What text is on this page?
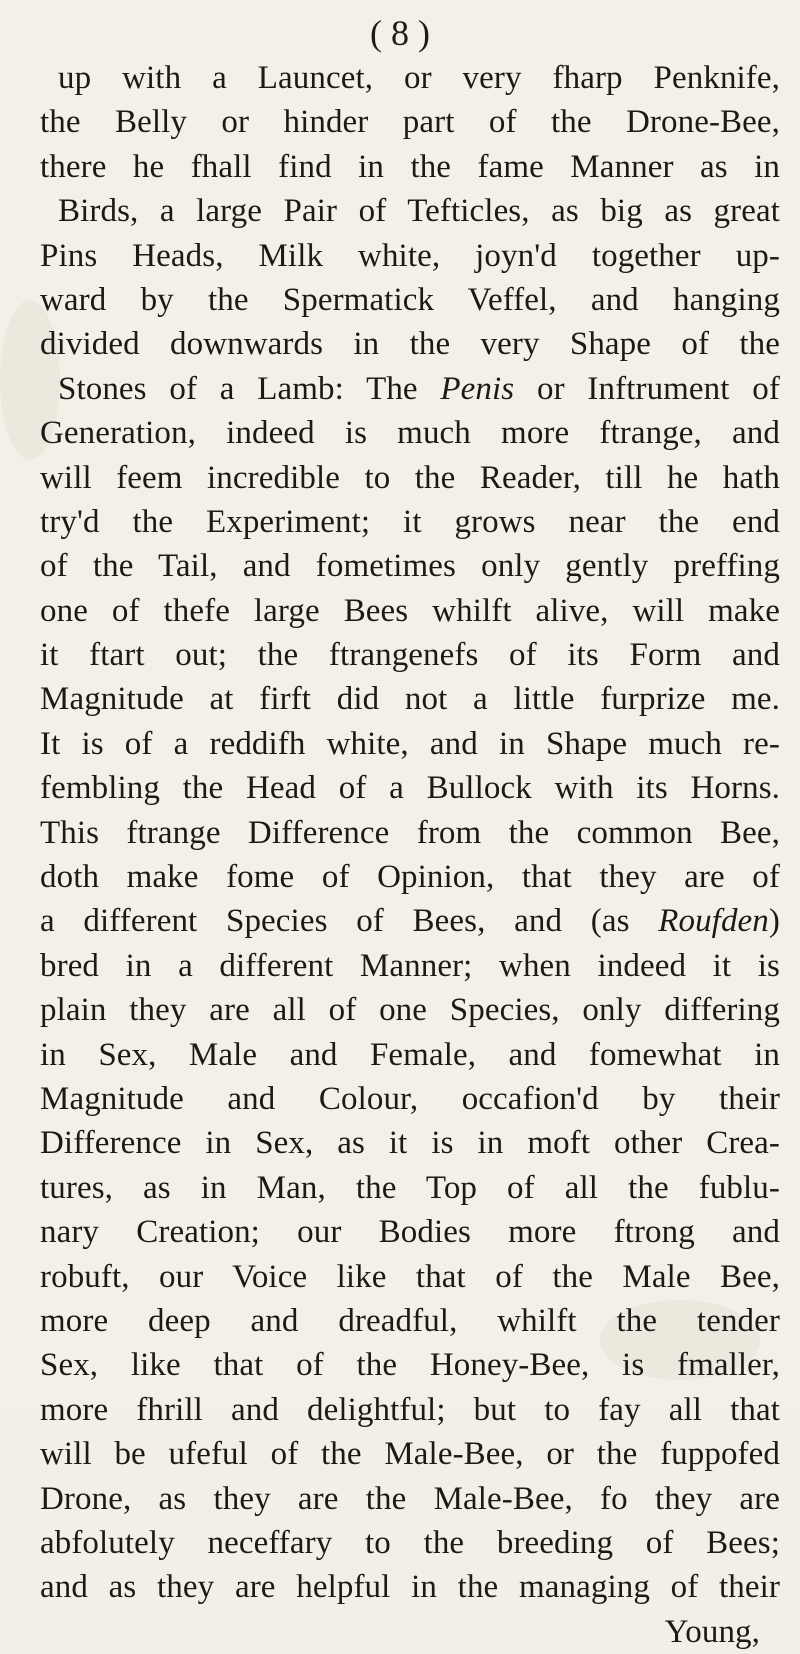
( 8 )

up with a Launcet, or very fharp Penknife,
the Belly or hinder part of the Drone-Bee,
there he fhall find in the fame Manner as in
Birds, a large Pair of Tefticles, as big as great
Pins Heads, Milk white, joyn'd together up-
ward by the Spermatick Veffel, and hanging
divided downwards in the very Shape of the
Stones of a Lamb: The Penis or Inftrument of
Generation, indeed is much more ftrange, and
will feem incredible to the Reader, till he hath
try'd the Experiment; it grows near the end
of the Tail, and fometimes only gently preffing
one of thefe large Bees whilft alive, will make
it ftart out; the ftrangenefs of its Form and
Magnitude at firft did not a little furprize me.
It is of a reddifh white, and in Shape much re-
fembling the Head of a Bullock with its Horns.
This ftrange Difference from the common Bee,
doth make fome of Opinion, that they are of
a different Species of Bees, and (as Roufden)
bred in a different Manner; when indeed it is
plain they are all of one Species, only differing
in Sex, Male and Female, and fomewhat in
Magnitude and Colour, occafion'd by their
Difference in Sex, as it is in moft other Crea-
tures, as in Man, the Top of all the fublu-
nary Creation; our Bodies more ftrong and
robuft, our Voice like that of the Male Bee,
more deep and dreadful, whilft the tender
Sex, like that of the Honey-Bee, is fmaller,
more fhrill and delightful; but to fay all that
will be ufeful of the Male-Bee, or the fuppofed
Drone, as they are the Male-Bee, fo they are
abfolutely neceffary to the breeding of Bees;
and as they are helpful in the managing of their
Young,
